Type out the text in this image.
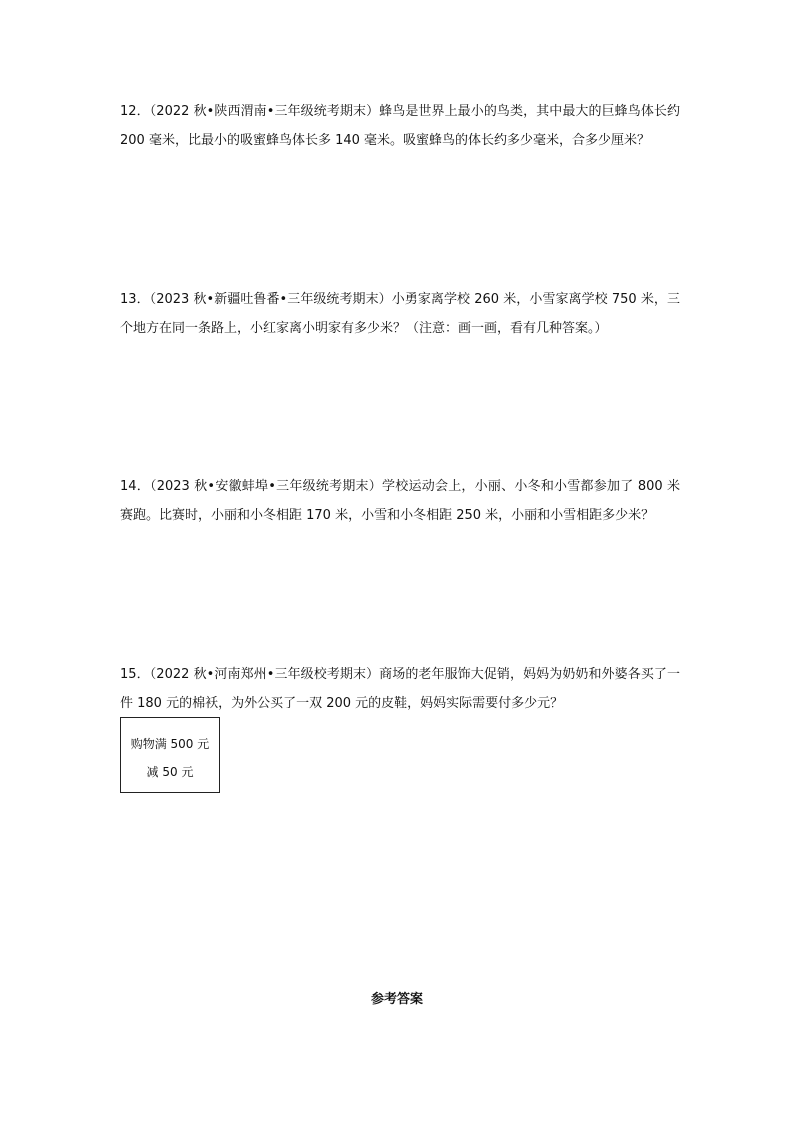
12．（2022 秋•陕西渭南•三年级统考期末）蜂鸟是世界上最小的鸟类，其中最大的巨蜂鸟体长约 200 毫米，比最小的吸蜜蜂鸟体长多 140 毫米。吸蜜蜂鸟的体长约多少毫米，合多少厘米？

13．（2023 秋•新疆吐鲁番•三年级统考期末）小勇家离学校 260 米，小雪家离学校 750 米，三个地方在同一条路上，小红家离小明家有多少米？（注意：画一画，看有几种答案。）

14．（2023 秋•安徽蚌埠•三年级统考期末）学校运动会上，小丽、小冬和小雪都参加了 800 米赛跑。比赛时，小丽和小冬相距 170 米，小雪和小冬相距 250 米，小丽和小雪相距多少米？

15．（2022 秋•河南郑州•三年级校考期末）商场的老年服饰大促销，妈妈为奶奶和外婆各买了一件 180 元的棉袄，为外公买了一双 200 元的皮鞋，妈妈实际需要付多少元？

购物满 500 元
减 50 元
参考答案
